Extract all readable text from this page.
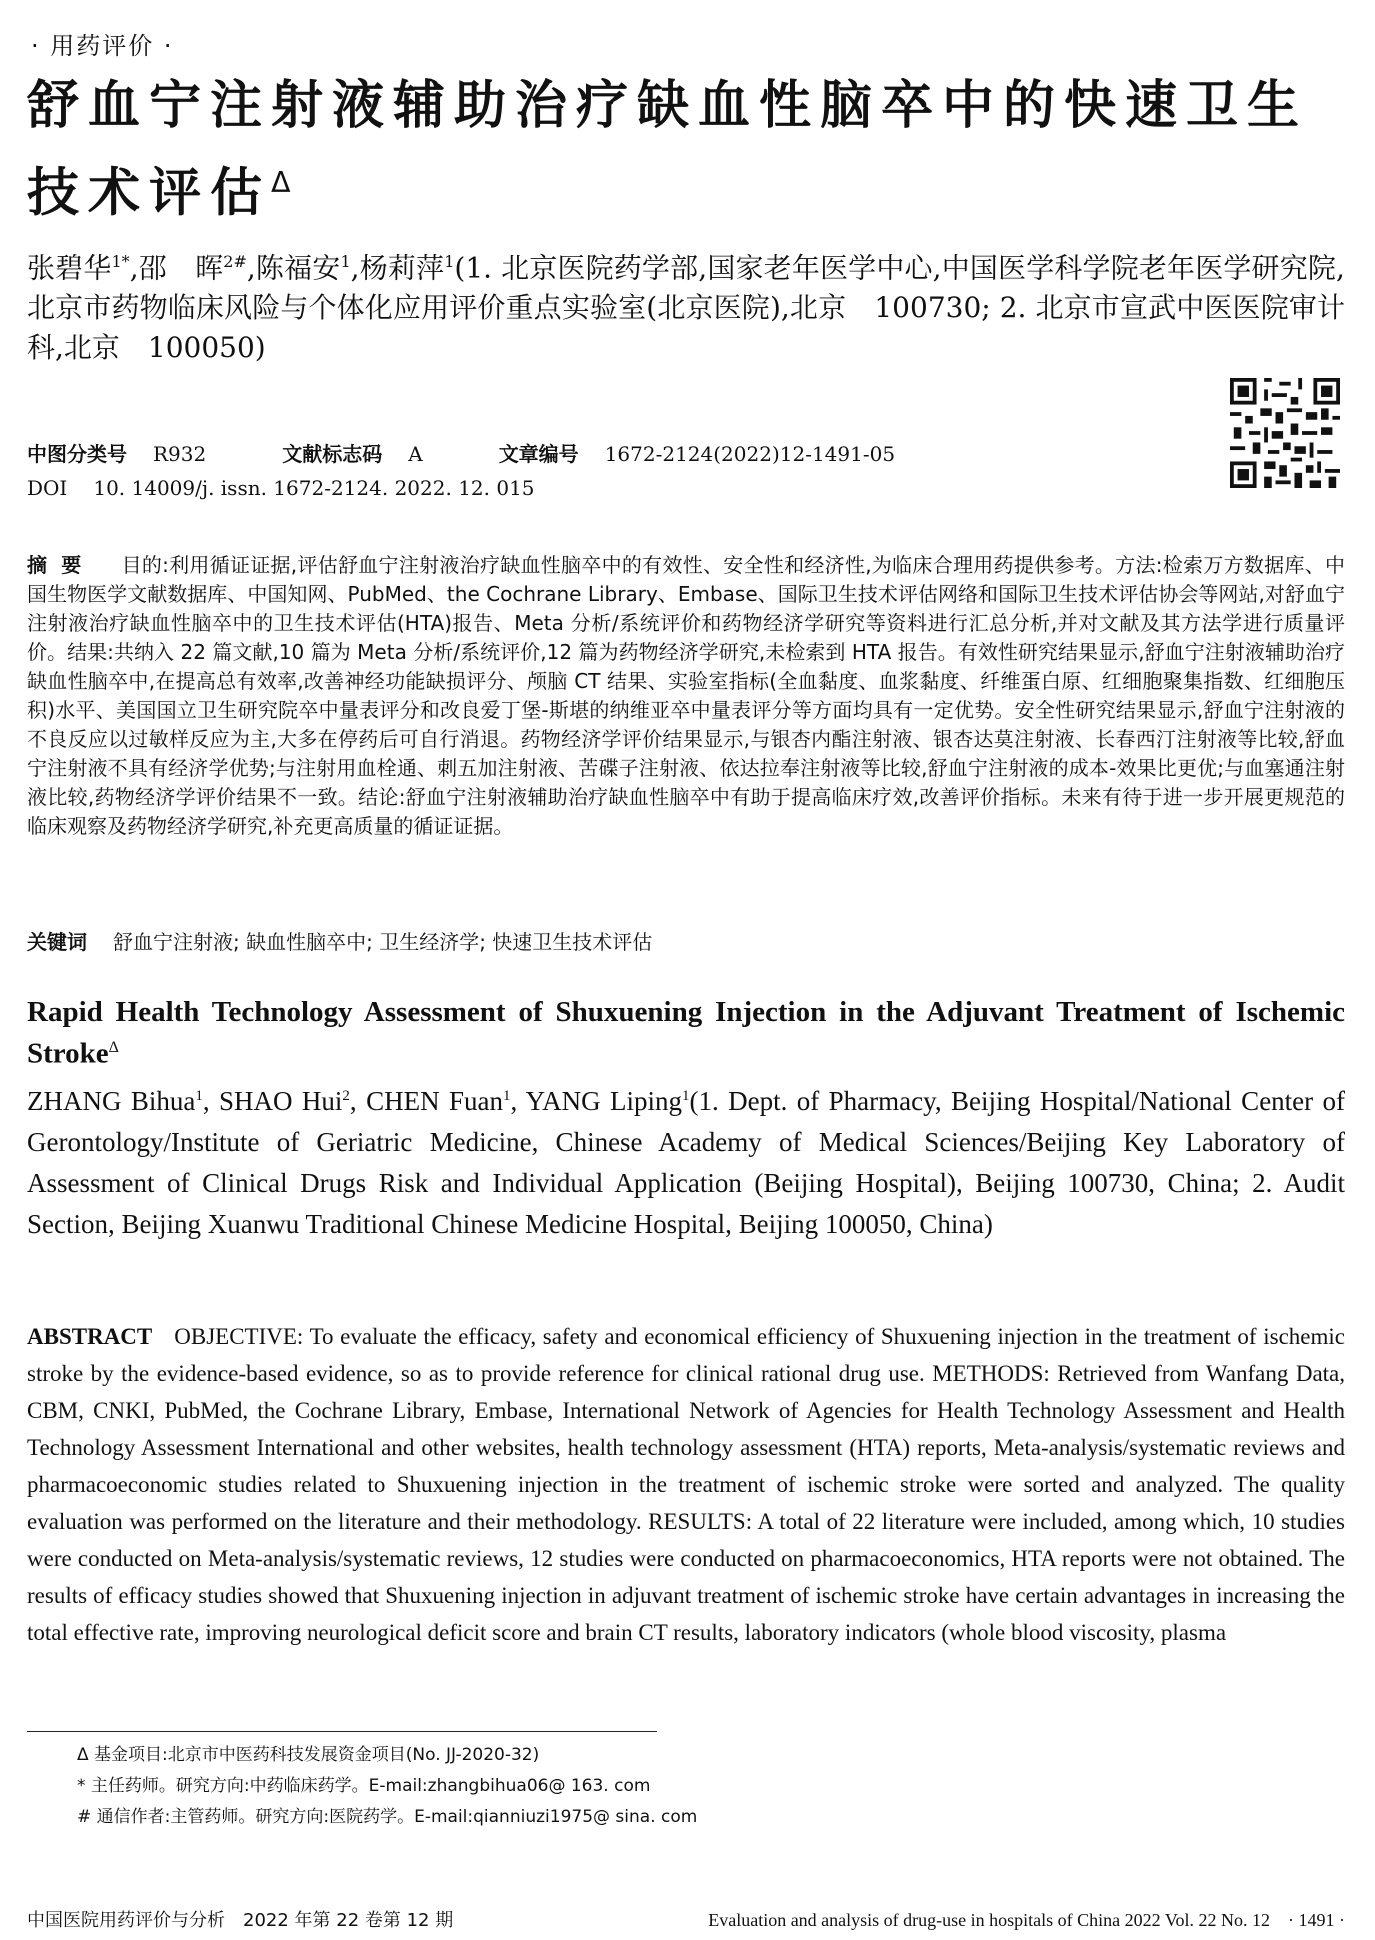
· 用药评价 ·
舒血宁注射液辅助治疗缺血性脑卒中的快速卫生技术评估$^\Delta$
张碧华$^{1*}$,邵　晖$^{2\#}$,陈福安$^1$,杨莉萍$^1$(1. 北京医院药学部,国家老年医学中心,中国医学科学院老年医学研究院,北京市药物临床风险与个体化应用评价重点实验室(北京医院),北京　100730; 2. 北京市宣武中医医院审计科,北京　100050)
中图分类号 R932	文献标志码 A	文章编号 1672-2124(2022)12-1491-05
DOI 10. 14009/j. issn. 1672-2124. 2022. 12. 015
摘要 目的:利用循证证据,评估舒血宁注射液治疗缺血性脑卒中的有效性、安全性和经济性,为临床合理用药提供参考。方法:检索万方数据库、中国生物医学文献数据库、中国知网、PubMed、the Cochrane Library、Embase、国际卫生技术评估网络和国际卫生技术评估协会等网站,对舒血宁注射液治疗缺血性脑卒中的卫生技术评估(HTA)报告、Meta 分析/系统评价和药物经济学研究等资料进行汇总分析,并对文献及其方法学进行质量评价。结果:共纳入 22 篇文献,10 篇为 Meta 分析/系统评价,12 篇为药物经济学研究,未检索到 HTA 报告。有效性研究结果显示,舒血宁注射液辅助治疗缺血性脑卒中,在提高总有效率,改善神经功能缺损评分、颅脑 CT 结果、实验室指标(全血黏度、血浆黏度、纤维蛋白原、红细胞聚集指数、红细胞压积)水平、美国国立卫生研究院卒中量表评分和改良爱丁堡-斯堪的纳维亚卒中量表评分等方面均具有一定优势。安全性研究结果显示,舒血宁注射液的不良反应以过敏样反应为主,大多在停药后可自行消退。药物经济学评价结果显示,与银杏内酯注射液、银杏达莫注射液、长春西汀注射液等比较,舒血宁注射液不具有经济学优势;与注射用血栓通、刺五加注射液、苦碟子注射液、依达拉奉注射液等比较,舒血宁注射液的成本-效果比更优;与血塞通注射液比较,药物经济学评价结果不一致。结论:舒血宁注射液辅助治疗缺血性脑卒中有助于提高临床疗效,改善评价指标。未来有待于进一步开展更规范的临床观察及药物经济学研究,补充更高质量的循证证据。
关键词 舒血宁注射液; 缺血性脑卒中; 卫生经济学; 快速卫生技术评估
Rapid Health Technology Assessment of Shuxuening Injection in the Adjuvant Treatment of Ischemic Stroke$^\Delta$
ZHANG Bihua$^1$, SHAO Hui$^2$, CHEN Fuan$^1$, YANG Liping$^1$(1. Dept. of Pharmacy, Beijing Hospital/National Center of Gerontology/Institute of Geriatric Medicine, Chinese Academy of Medical Sciences/Beijing Key Laboratory of Assessment of Clinical Drugs Risk and Individual Application (Beijing Hospital), Beijing 100730, China; 2. Audit Section, Beijing Xuanwu Traditional Chinese Medicine Hospital, Beijing 100050, China)
ABSTRACT OBJECTIVE: To evaluate the efficacy, safety and economical efficiency of Shuxuening injection in the treatment of ischemic stroke by the evidence-based evidence, so as to provide reference for clinical rational drug use. METHODS: Retrieved from Wanfang Data, CBM, CNKI, PubMed, the Cochrane Library, Embase, International Network of Agencies for Health Technology Assessment and Health Technology Assessment International and other websites, health technology assessment (HTA) reports, Meta-analysis/systematic reviews and pharmacoeconomic studies related to Shuxuening injection in the treatment of ischemic stroke were sorted and analyzed. The quality evaluation was performed on the literature and their methodology. RESULTS: A total of 22 literature were included, among which, 10 studies were conducted on Meta-analysis/systematic reviews, 12 studies were conducted on pharmacoeconomics, HTA reports were not obtained. The results of efficacy studies showed that Shuxuening injection in adjuvant treatment of ischemic stroke have certain advantages in increasing the total effective rate, improving neurological deficit score and brain CT results, laboratory indicators (whole blood viscosity, plasma
Δ 基金项目:北京市中医药科技发展资金项目(No. JJ-2020-32)
* 主任药师。研究方向:中药临床药学。E-mail:zhangbihua06@ 163. com
# 通信作者:主管药师。研究方向:医院药学。E-mail:qianniuzi1975@ sina. com
中国医院用药评价与分析　2022 年第 22 卷第 12 期	Evaluation and analysis of drug-use in hospitals of China 2022 Vol. 22 No. 12　· 1491 ·
